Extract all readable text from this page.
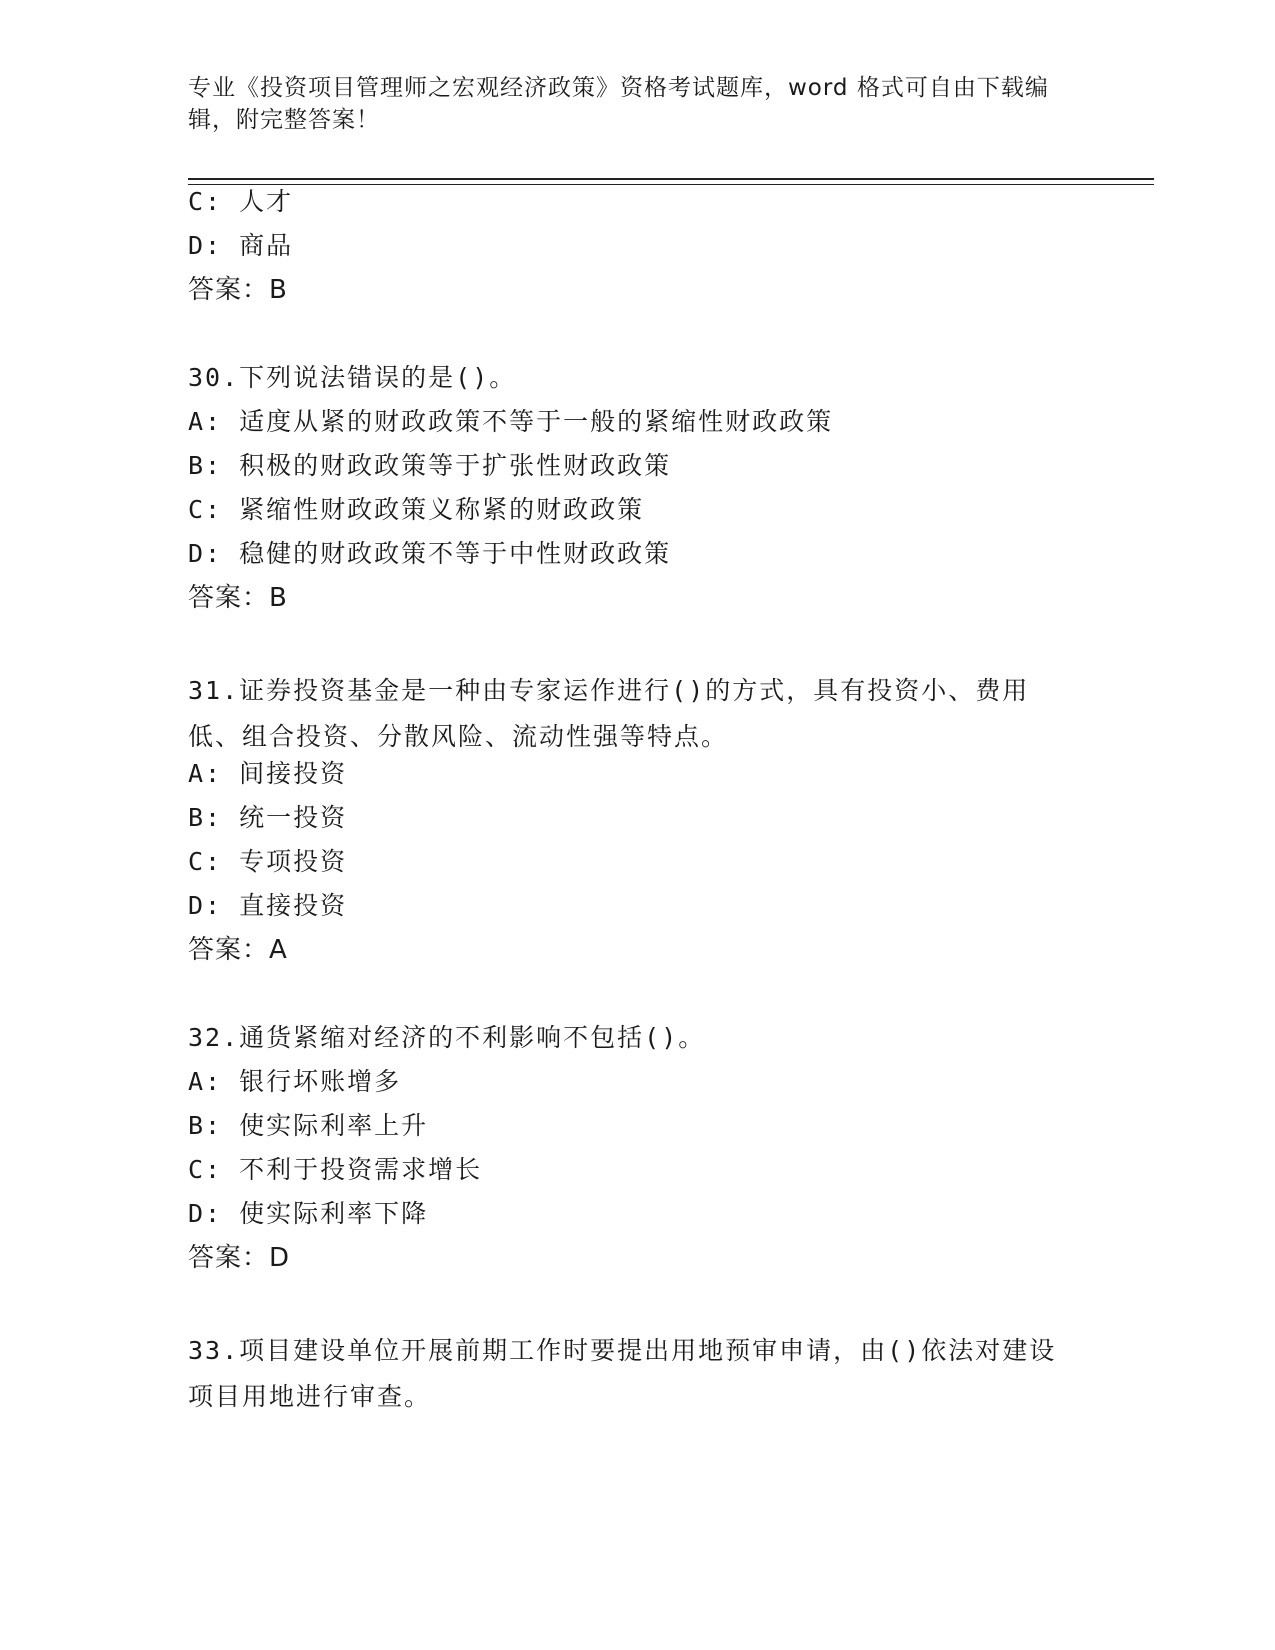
专业《投资项目管理师之宏观经济政策》资格考试题库，word 格式可自由下载编辑，附完整答案！
C: 人才
D: 商品
答案：B
30.下列说法错误的是()。
A: 适度从紧的财政政策不等于一般的紧缩性财政政策
B: 积极的财政政策等于扩张性财政政策
C: 紧缩性财政政策义称紧的财政政策
D: 稳健的财政政策不等于中性财政政策
答案：B
31.证券投资基金是一种由专家运作进行()的方式，具有投资小、费用低、组合投资、分散风险、流动性强等特点。
A: 间接投资
B: 统一投资
C: 专项投资
D: 直接投资
答案：A
32.通货紧缩对经济的不利影响不包括()。
A: 银行坏账增多
B: 使实际利率上升
C: 不利于投资需求增长
D: 使实际利率下降
答案：D
33.项目建设单位开展前期工作时要提出用地预审申请，由()依法对建设项目用地进行审查。
